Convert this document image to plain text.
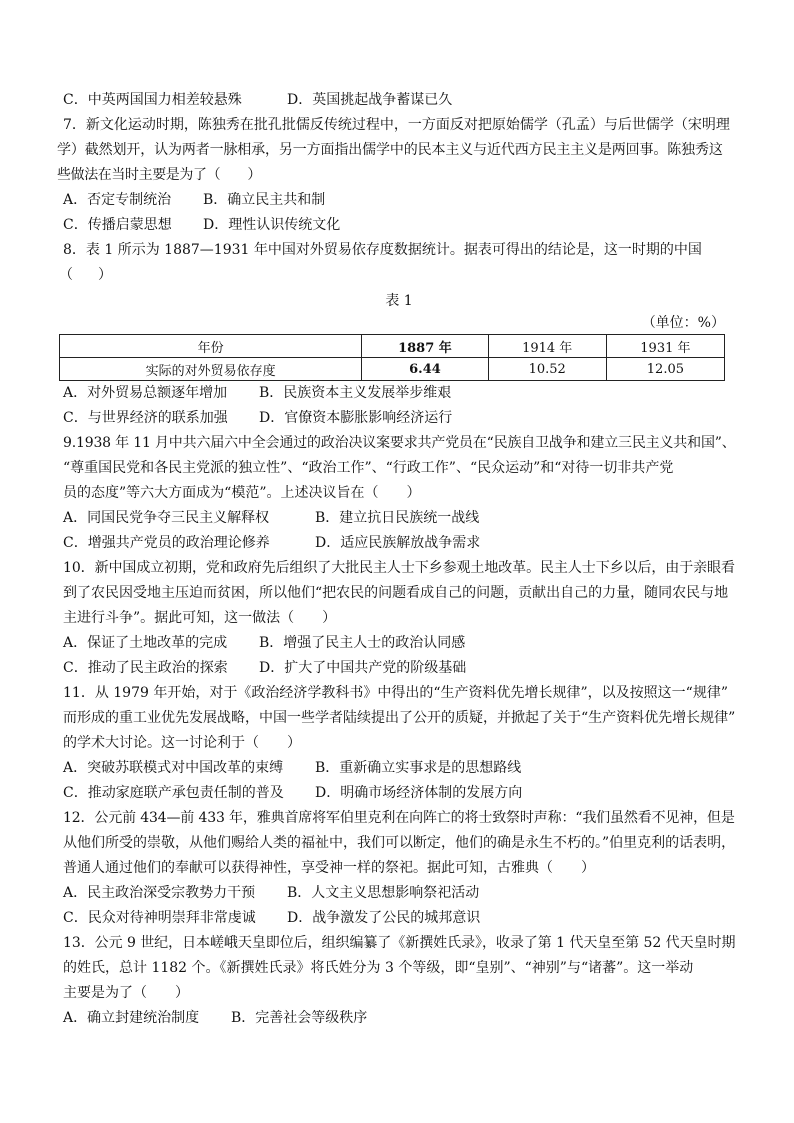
C．中英两国国力相差较悬殊	D．英国挑起战争蓄谋已久
7．新文化运动时期，陈独秀在批孔批儒反传统过程中，一方面反对把原始儒学（孔孟）与后世儒学（宋明理
学）截然划开，认为两者一脉相承，另一方面指出儒学中的民本主义与近代西方民主主义是两回事。陈独秀这
些做法在当时主要是为了（　　）
A．否定专制统治 B．确立民主共和制
C．传播启蒙思想 D．理性认识传统文化
8．表 1 所示为 1887—1931 年中国对外贸易依存度数据统计。据表可得出的结论是，这一时期的中国
（　　）
表 1
（单位：%）
年份	1887 年	1914 年	1931 年
实际的对外贸易依存度	6.44	10.52	12.05
A．对外贸易总额逐年增加 B．民族资本主义发展举步维艰
C．与世界经济的联系加强 D．官僚资本膨胀影响经济运行
9.1938 年 11 月中共六届六中全会通过的政治决议案要求共产党员在“民族自卫战争和建立三民主义共和国”、
“尊重国民党和各民主党派的独立性”、“政治工作”、“行政工作”、“民众运动”和“对待一切非共产党
员的态度”等六大方面成为“模范”。上述决议旨在（　　）
A．同国民党争夺三民主义解释权	B．建立抗日民族统一战线
C．增强共产党员的政治理论修养	D．适应民族解放战争需求
10．新中国成立初期，党和政府先后组织了大批民主人士下乡参观土地改革。民主人士下乡以后，由于亲眼看
到了农民因受地主压迫而贫困，所以他们“把农民的问题看成自己的问题，贡献出自己的力量，随同农民与地
主进行斗争”。据此可知，这一做法（　　）
A．保证了土地改革的完成 B．增强了民主人士的政治认同感
C．推动了民主政治的探索 D．扩大了中国共产党的阶级基础
11．从 1979 年开始，对于《政治经济学教科书》中得出的“生产资料优先增长规律”，以及按照这一“规律”
而形成的重工业优先发展战略，中国一些学者陆续提出了公开的质疑，并掀起了关于“生产资料优先增长规律”
的学术大讨论。这一讨论利于（　　）
A．突破苏联模式对中国改革的束缚 B．重新确立实事求是的思想路线
C．推动家庭联产承包责任制的普及 D．明确市场经济体制的发展方向
12．公元前 434—前 433 年，雅典首席将军伯里克利在向阵亡的将士致祭时声称：“我们虽然看不见神，但是
从他们所受的崇敬，从他们赐给人类的福祉中，我们可以断定，他们的确是永生不朽的。”伯里克利的话表明，
普通人通过他们的奉献可以获得神性，享受神一样的祭祀。据此可知，古雅典（　　）
A．民主政治深受宗教势力干预 B．人文主义思想影响祭祀活动
C．民众对待神明崇拜非常虔诚 D．战争激发了公民的城邦意识
13．公元 9 世纪，日本嵯峨天皇即位后，组织编纂了《新撰姓氏录》，收录了第 1 代天皇至第 52 代天皇时期
的姓氏，总计 1182 个。《新撰姓氏录》将氏姓分为 3 个等级，即“皇别”、“神别”与“诸蕃”。这一举动
主要是为了（　　）
A．确立封建统治制度 B．完善社会等级秩序
